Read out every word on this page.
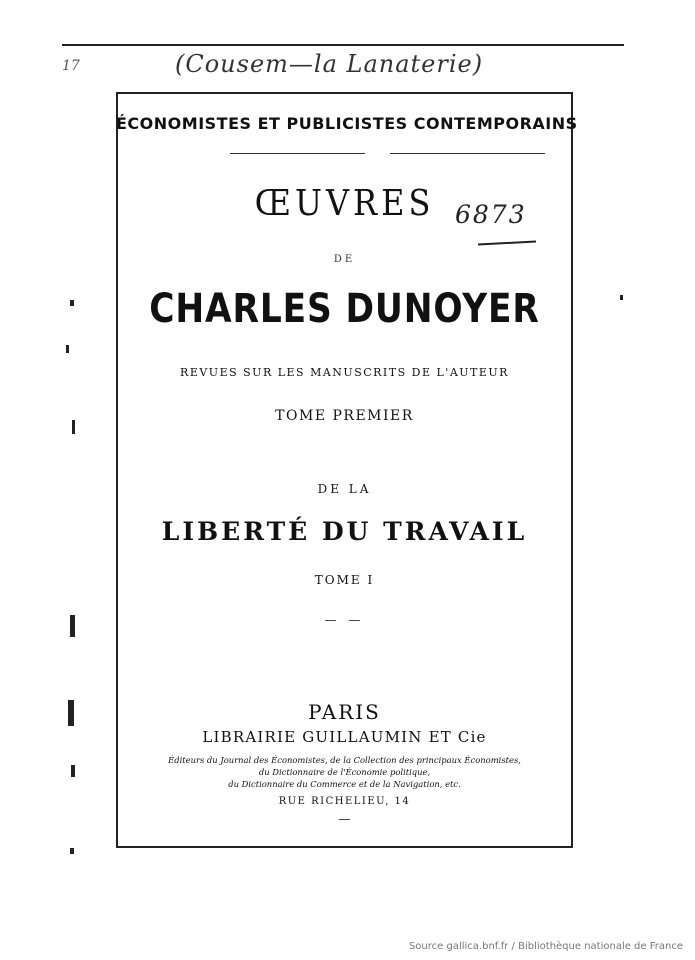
17	(Cousem—la Lanaterie)
ÉCONOMISTES ET PUBLICISTES CONTEMPORAINS
ŒUVRES 6873
DE
CHARLES DUNOYER
REVUES SUR LES MANUSCRITS DE L'AUTEUR
TOME PREMIER
DE LA
LIBERTÉ DU TRAVAIL
TOME I
— —
PARIS
LIBRAIRIE GUILLAUMIN ET Cie
Éditeurs du Journal des Économistes, de la Collection des principaux Économistes,
du Dictionnaire de l'Économie politique,
du Dictionnaire du Commerce et de la Navigation, etc.
RUE RICHELIEU, 14
—
Source gallica.bnf.fr / Bibliothèque nationale de France
